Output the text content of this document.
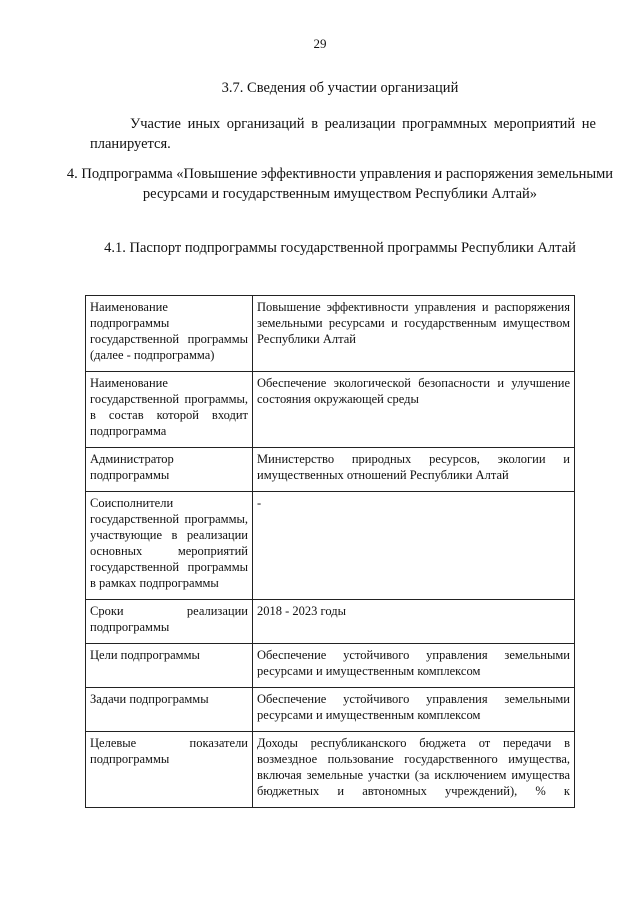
29
3.7. Сведения об участии организаций
Участие иных организаций в реализации программных мероприятий не планируется.
4. Подпрограмма «Повышение эффективности управления и распоряжения земельными ресурсами и государственным имуществом Республики Алтай»
4.1. Паспорт подпрограммы государственной программы Республики Алтай
Наименование подпрограммы государственной программы (далее - подпрограмма)	Повышение эффективности управления и распоряжения земельными ресурсами и государственным имуществом Республики Алтай
Наименование государственной программы, в состав которой входит подпрограмма	Обеспечение экологической безопасности и улучшение состояния окружающей среды
Администратор подпрограммы	Министерство природных ресурсов, экологии и имущественных отношений Республики Алтай
Соисполнители государственной программы, участвующие в реализации основных мероприятий государственной программы в рамках подпрограммы	-
Сроки реализации подпрограммы	2018 - 2023 годы
Цели подпрограммы	Обеспечение устойчивого управления земельными ресурсами и имущественным комплексом
Задачи подпрограммы	Обеспечение устойчивого управления земельными ресурсами и имущественным комплексом
Целевые показатели подпрограммы	Доходы республиканского бюджета от передачи в возмездное пользование государственного имущества, включая земельные участки (за исключением имущества бюджетных и автономных учреждений), % к
